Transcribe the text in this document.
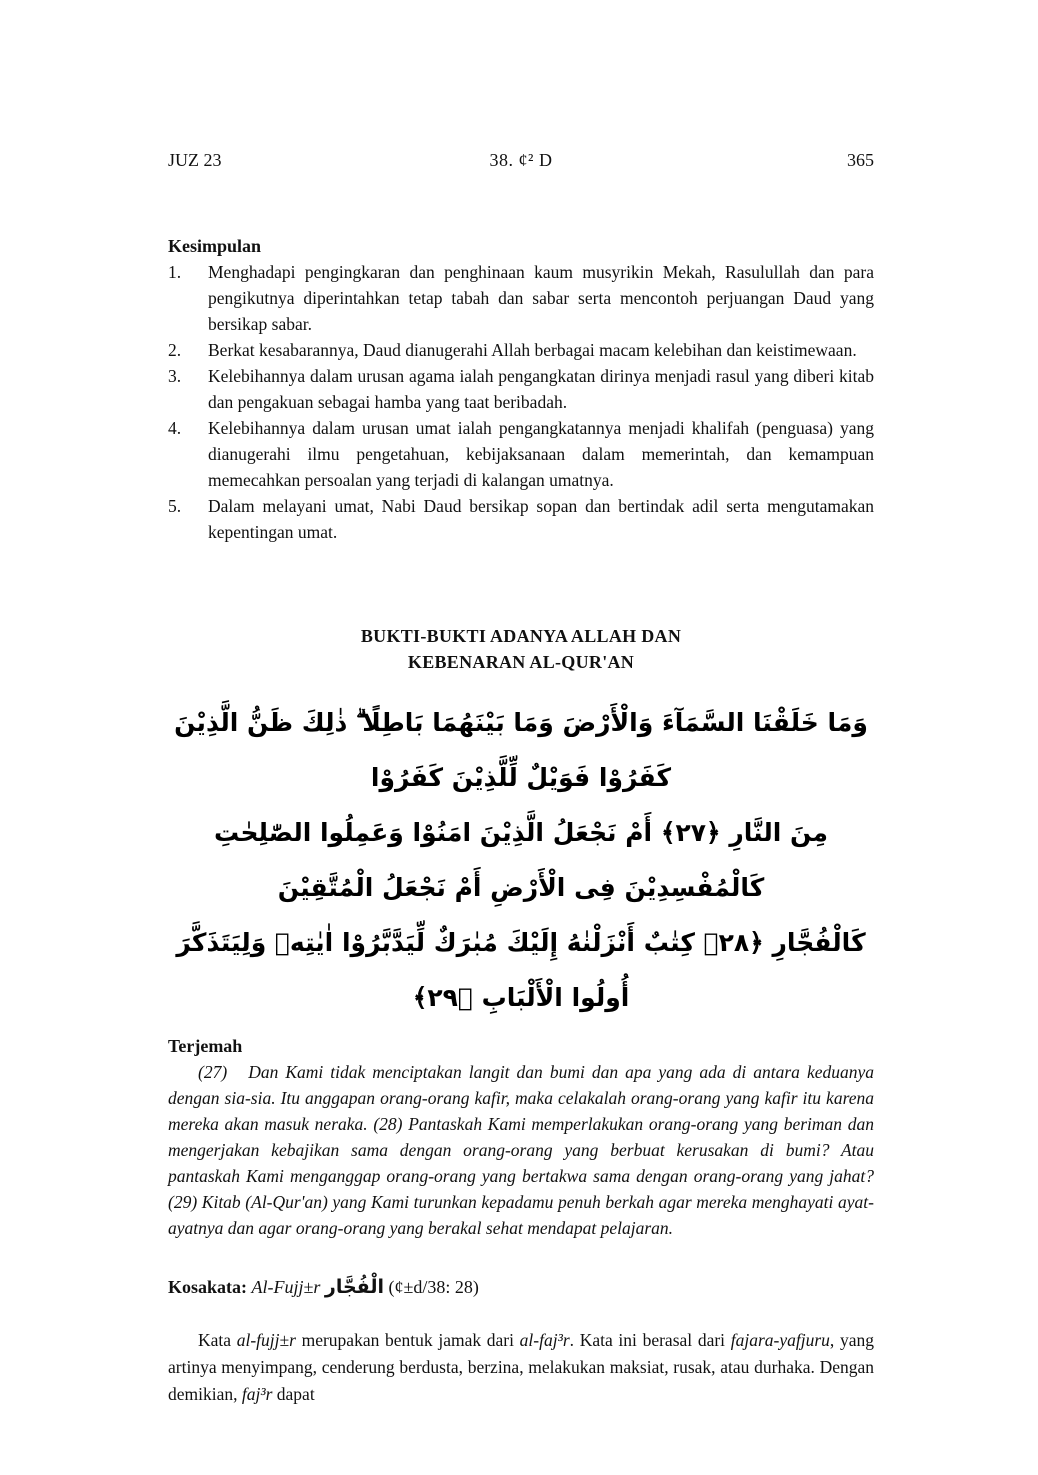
JUZ 23	38. ¢² D	365
Kesimpulan
1.	Menghadapi pengingkaran dan penghinaan kaum musyrikin Mekah, Rasulullah dan para pengikutnya diperintahkan tetap tabah dan sabar serta mencontoh perjuangan Daud yang bersikap sabar.
2.	Berkat kesabarannya, Daud dianugerahi Allah berbagai macam kelebihan dan keistimewaan.
3.	Kelebihannya dalam urusan agama ialah pengangkatan dirinya menjadi rasul yang diberi kitab dan pengakuan sebagai hamba yang taat beribadah.
4.	Kelebihannya dalam urusan umat ialah pengangkatannya menjadi khalifah (penguasa) yang dianugerahi ilmu pengetahuan, kebijaksanaan dalam memerintah, dan kemampuan memecahkan persoalan yang terjadi di kalangan umatnya.
5.	Dalam melayani umat, Nabi Daud bersikap sopan dan bertindak adil serta mengutamakan kepentingan umat.
BUKTI-BUKTI ADANYA ALLAH DAN
KEBENARAN AL-QUR'AN
وَمَا خَلَقْنَا السَّمَآءَ وَالْأَرْضَ وَمَا بَيْنَهُمَا بَاطِلًا ۗ ذٰلِكَ ظَنُّ الَّذِيْنَ كَفَرُوْا فَوَيْلٌ لِّلَّذِيْنَ كَفَرُوْا
مِنَ النَّارِ ﴿٢٧﴾ أَمْ نَجْعَلُ الَّذِيْنَ امَنُوْا وَعَمِلُوا الصّٰلِحٰتِ كَالْمُفْسِدِيْنَ فِى الْأَرْضِ أَمْ نَجْعَلُ الْمُتَّقِيْنَ
كَالْفُجَّارِ ﴿٢٨﴾ كِتٰبٌ أَنْزَلْنٰهُ إِلَيْكَ مُبٰرَكٌ لِّيَدَّبَّرُوْا اٰيٰتِهٖ وَلِيَتَذَكَّرَ أُولُوا الْأَلْبَابِ ﴿٢٩﴾
Terjemah

(27)   Dan Kami tidak menciptakan langit dan bumi dan apa yang ada di antara keduanya dengan sia-sia. Itu anggapan orang-orang kafir, maka celakalah orang-orang yang kafir itu karena mereka akan masuk neraka. (28) Pantaskah Kami memperlakukan orang-orang yang beriman dan mengerjakan kebajikan sama dengan orang-orang yang berbuat kerusakan di bumi? Atau pantaskah Kami menganggap orang-orang yang bertakwa sama dengan orang-orang yang jahat? (29) Kitab (Al-Qur'an) yang Kami turunkan kepadamu penuh berkah agar mereka menghayati ayat-ayatnya dan agar orang-orang yang berakal sehat mendapat pelajaran.

Kosakata: Al-Fujj±r الْفُجَّار (¢±d/38: 28)

Kata al-fujj±r merupakan bentuk jamak dari al-faj³r. Kata ini berasal dari fajara-yafjuru, yang artinya menyimpang, cenderung berdusta, berzina, melakukan maksiat, rusak, atau durhaka. Dengan demikian, faj³r dapat
